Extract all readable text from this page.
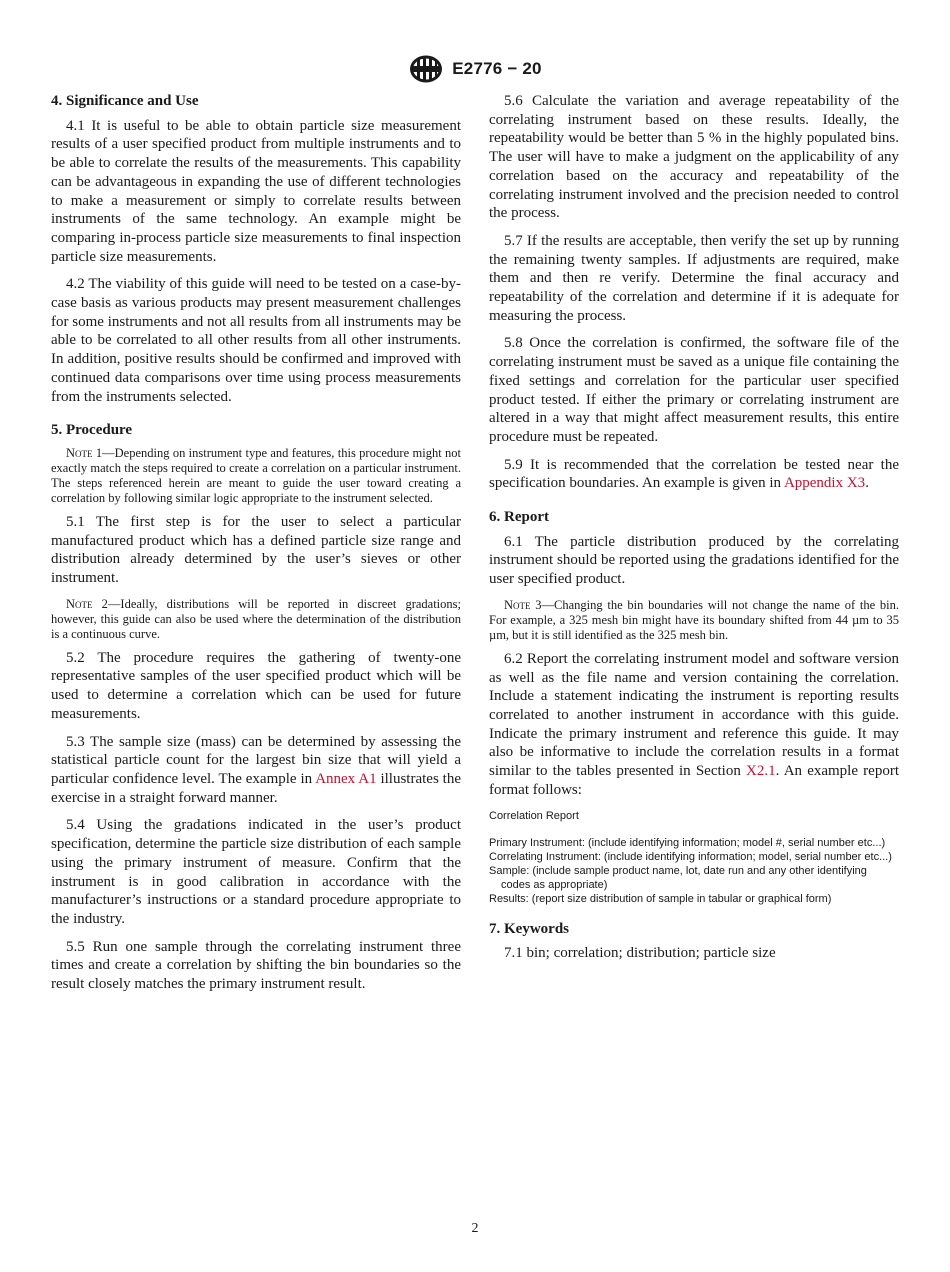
E2776 − 20
4. Significance and Use

4.1 It is useful to be able to obtain particle size measurement results of a user specified product from multiple instruments and to be able to correlate the results of the measurements. This capability can be advantageous in expanding the use of different technologies to make a measurement or simply to correlate results between instruments of the same technology. An example might be comparing in-process particle size measurements to final inspection particle size measurements.

4.2 The viability of this guide will need to be tested on a case-by-case basis as various products may present measurement challenges for some instruments and not all results from all instruments may be able to be correlated to all other results from all other instruments. In addition, positive results should be confirmed and improved with continued data comparisons over time using process measurements from the instruments selected.

5. Procedure

Note 1—Depending on instrument type and features, this procedure might not exactly match the steps required to create a correlation on a particular instrument. The steps referenced herein are meant to guide the user toward creating a correlation by following similar logic appropriate to the instrument selected.

5.1 The first step is for the user to select a particular manufactured product which has a defined particle size range and distribution already determined by the user’s sieves or other instrument.

Note 2—Ideally, distributions will be reported in discreet gradations; however, this guide can also be used where the determination of the distribution is a continuous curve.

5.2 The procedure requires the gathering of twenty-one representative samples of the user specified product which will be used to determine a correlation which can be used for future measurements.

5.3 The sample size (mass) can be determined by assessing the statistical particle count for the largest bin size that will yield a particular confidence level. The example in Annex A1 illustrates the exercise in a straight forward manner.

5.4 Using the gradations indicated in the user’s product specification, determine the particle size distribution of each sample using the primary instrument of measure. Confirm that the instrument is in good calibration in accordance with the manufacturer’s instructions or a standard procedure appropriate to the industry.

5.5 Run one sample through the correlating instrument three times and create a correlation by shifting the bin boundaries so the result closely matches the primary instrument result.

5.6 Calculate the variation and average repeatability of the correlating instrument based on these results. Ideally, the repeatability would be better than 5 % in the highly populated bins. The user will have to make a judgment on the applicability of any correlation based on the accuracy and repeatability of the correlating instrument involved and the precision needed to control the process.

5.7 If the results are acceptable, then verify the set up by running the remaining twenty samples. If adjustments are required, make them and then re verify. Determine the final accuracy and repeatability of the correlation and determine if it is adequate for measuring the process.

5.8 Once the correlation is confirmed, the software file of the correlating instrument must be saved as a unique file containing the fixed settings and correlation for the particular user specified product tested. If either the primary or correlating instrument are altered in a way that might affect measurement results, this entire procedure must be repeated.

5.9 It is recommended that the correlation be tested near the specification boundaries. An example is given in Appendix X3.

6. Report

6.1 The particle distribution produced by the correlating instrument should be reported using the gradations identified for the user specified product.

Note 3—Changing the bin boundaries will not change the name of the bin. For example, a 325 mesh bin might have its boundary shifted from 44 µm to 35 µm, but it is still identified as the 325 mesh bin.

6.2 Report the correlating instrument model and software version as well as the file name and version containing the correlation. Include a statement indicating the instrument is reporting results correlated to another instrument in accordance with this guide. Indicate the primary instrument and reference this guide. It may also be informative to include the correlation results in a format similar to the tables presented in Section X2.1. An example report format follows:

Correlation Report

Primary Instrument: (include identifying information; model #, serial number etc...)

Correlating Instrument: (include identifying information; model, serial number etc...)

Sample: (include sample product name, lot, date run and any other identifying codes as appropriate)

Results: (report size distribution of sample in tabular or graphical form)

7. Keywords

7.1 bin; correlation; distribution; particle size

2
